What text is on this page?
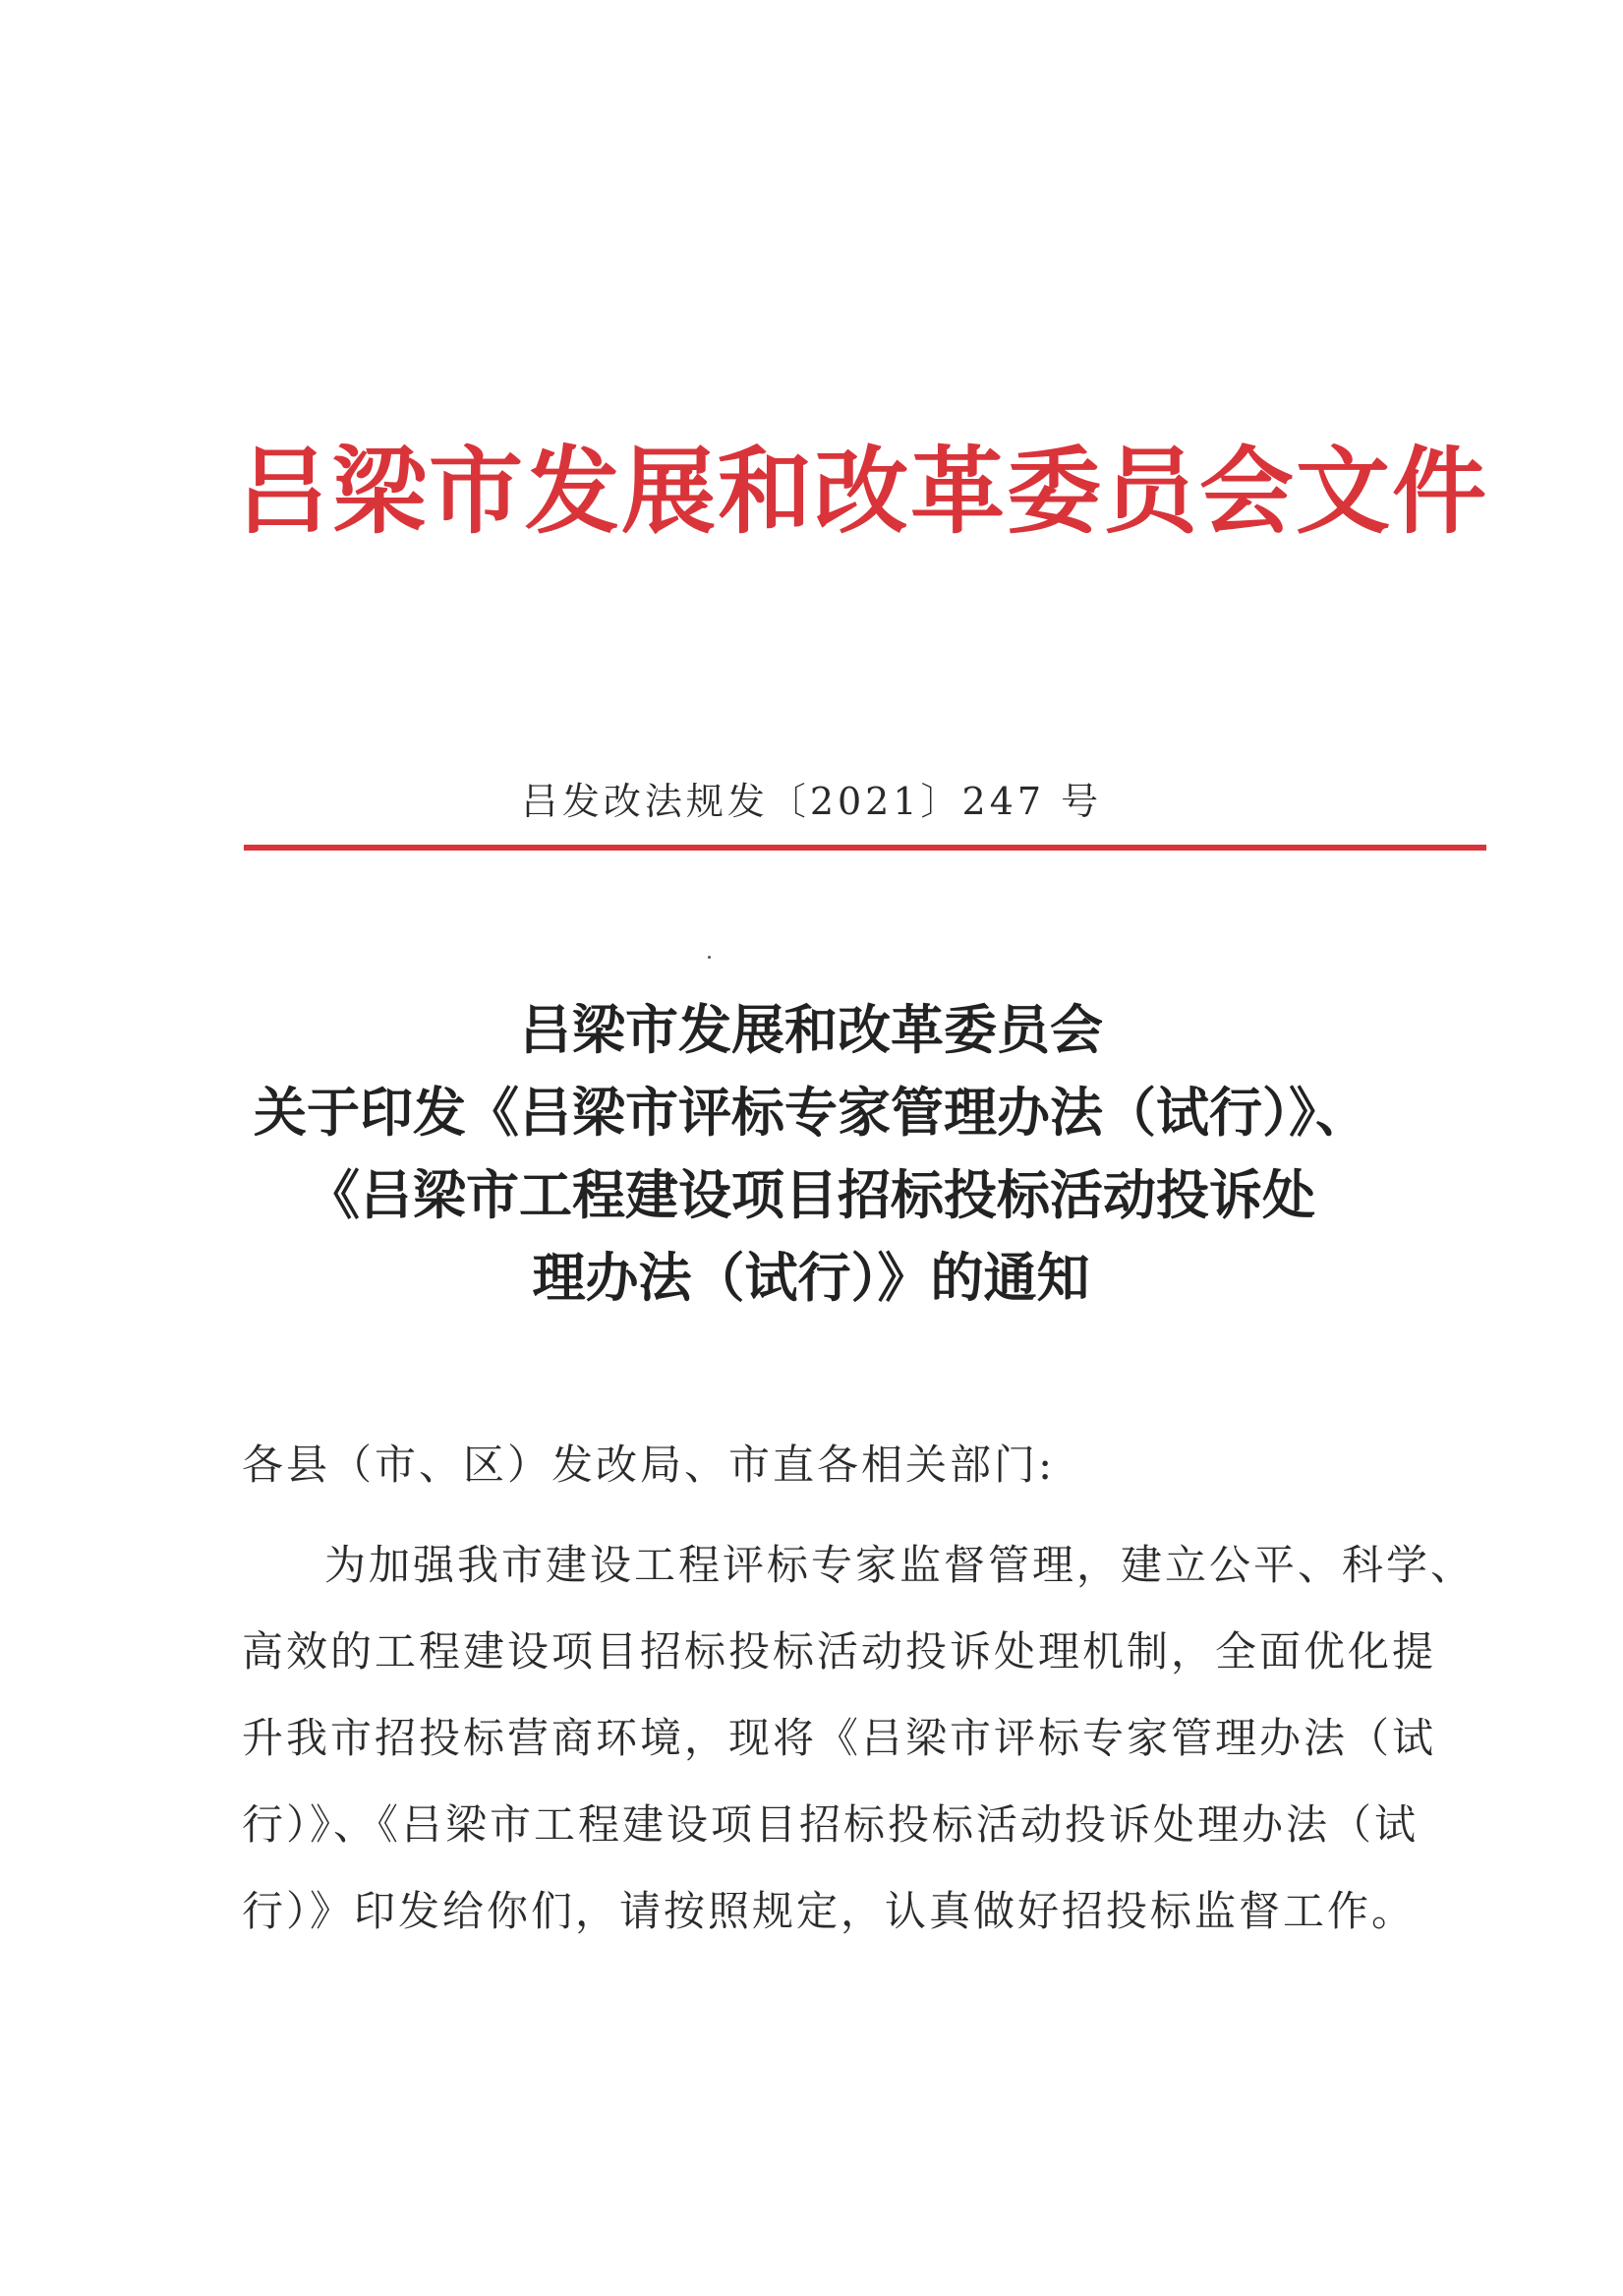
吕梁市发展和改革委员会文件
吕发改法规发〔2021〕247 号
吕梁市发展和改革委员会
关于印发《吕梁市评标专家管理办法（试行）》、
《吕梁市工程建设项目招标投标活动投诉处
理办法（试行）》的通知
各县（市、区）发改局、市直各相关部门:
为加强我市建设工程评标专家监督管理，建立公平、科学、
高效的工程建设项目招标投标活动投诉处理机制，全面优化提
升我市招投标营商环境，现将《吕梁市评标专家管理办法（试
行）》、《吕梁市工程建设项目招标投标活动投诉处理办法（试
行）》印发给你们，请按照规定，认真做好招投标监督工作。
